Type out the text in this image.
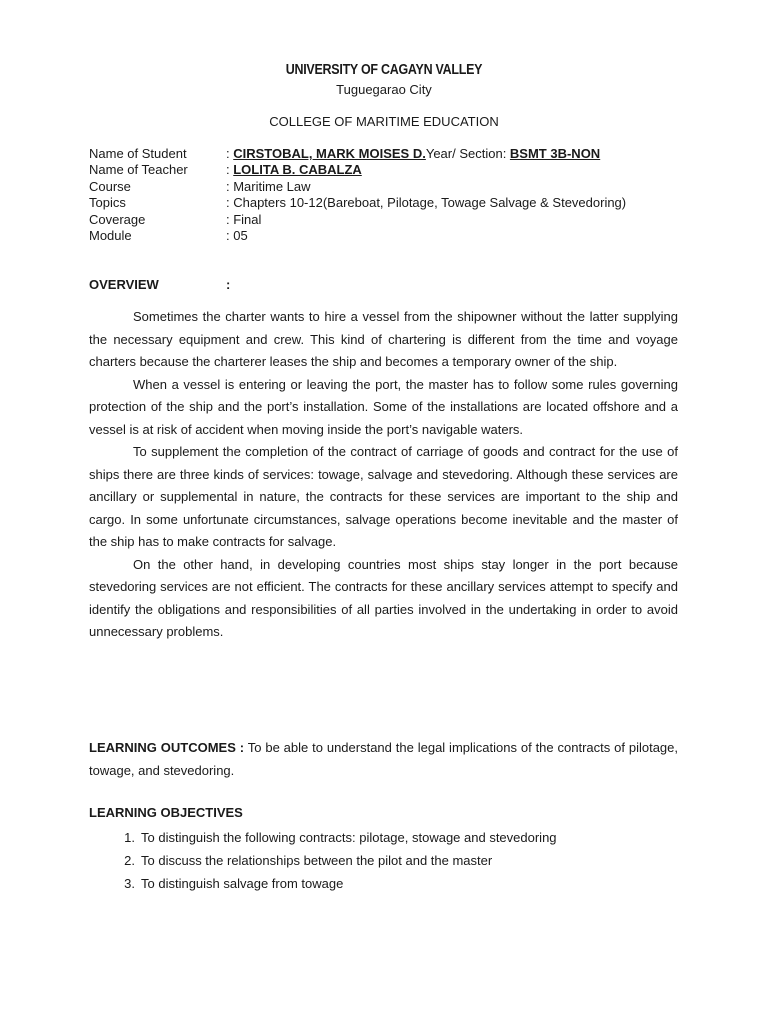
UNIVERSITY OF CAGAYN VALLEY
Tuguegarao City
COLLEGE OF MARITIME EDUCATION
Name of Student	: CIRSTOBAL, MARK MOISES D.Year/ Section: BSMT 3B-NON
Name of Teacher	: LOLITA B. CABALZA
Course	: Maritime Law
Topics	: Chapters 10-12(Bareboat, Pilotage, Towage Salvage & Stevedoring)
Coverage	: Final
Module	: 05
OVERVIEW	:

Sometimes the charter wants to hire a vessel from the shipowner without the latter supplying the necessary equipment and crew. This kind of chartering is different from the time and voyage charters because the charterer leases the ship and becomes a temporary owner of the ship.

When a vessel is entering or leaving the port, the master has to follow some rules governing protection of the ship and the port’s installation. Some of the installations are located offshore and a vessel is at risk of accident when moving inside the port’s navigable waters.

To supplement the completion of the contract of carriage of goods and contract for the use of ships there are three kinds of services: towage, salvage and stevedoring. Although these services are ancillary or supplemental in nature, the contracts for these services are important to the ship and cargo. In some unfortunate circumstances, salvage operations become inevitable and the master of the ship has to make contracts for salvage.

On the other hand, in developing countries most ships stay longer in the port because stevedoring services are not efficient. The contracts for these ancillary services attempt to specify and identify the obligations and responsibilities of all parties involved in the undertaking in order to avoid unnecessary problems.

LEARNING OUTCOMES : To be able to understand the legal implications of the contracts of pilotage, towage, and stevedoring.
LEARNING OBJECTIVES
1. To distinguish the following contracts: pilotage, stowage and stevedoring
2. To discuss the relationships between the pilot and the master
3. To distinguish salvage from towage
